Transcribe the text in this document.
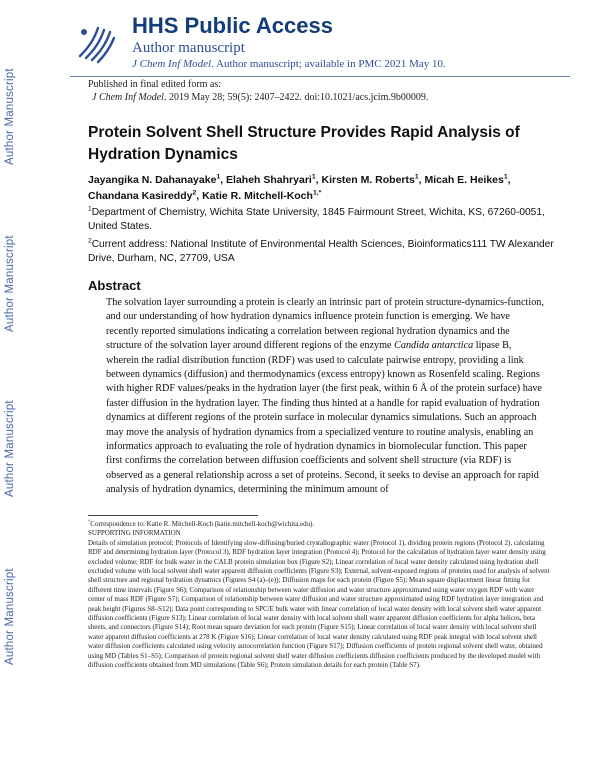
Author Manuscript
Author Manuscript
Author Manuscript
Author Manuscript
HHS Public Access
Author manuscript
J Chem Inf Model. Author manuscript; available in PMC 2021 May 10.
Published in final edited form as:
J Chem Inf Model. 2019 May 28; 59(5): 2407–2422. doi:10.1021/acs.jcim.9b00009.
Protein Solvent Shell Structure Provides Rapid Analysis of Hydration Dynamics
Jayangika N. Dahanayake$^1$, Elaheh Shahryari$^1$, Kirsten M. Roberts$^1$, Micah E. Heikes$^1$, Chandana Kasireddy$^2$, Katie R. Mitchell-Koch$^{1,*}$
$^1$Department of Chemistry, Wichita State University, 1845 Fairmount Street, Wichita, KS, 67260-0051, United States.
$^2$Current address: National Institute of Environmental Health Sciences, Bioinformatics111 TW Alexander Drive, Durham, NC, 27709, USA
Abstract
The solvation layer surrounding a protein is clearly an intrinsic part of protein structure-dynamics-function, and our understanding of how hydration dynamics influence protein function is emerging. We have recently reported simulations indicating a correlation between regional hydration dynamics and the structure of the solvation layer around different regions of the enzyme Candida antarctica lipase B, wherein the radial distribution function (RDF) was used to calculate pairwise entropy, providing a link between dynamics (diffusion) and thermodynamics (excess entropy) known as Rosenfeld scaling. Regions with higher RDF values/peaks in the hydration layer (the first peak, within 6 Å of the protein surface) have faster diffusion in the hydration layer. The finding thus hinted at a handle for rapid evaluation of hydration dynamics at different regions of the protein surface in molecular dynamics simulations. Such an approach may move the analysis of hydration dynamics from a specialized venture to routine analysis, enabling an informatics approach to evaluating the role of hydration dynamics in biomolecular function. This paper first confirms the correlation between diffusion coefficients and solvent shell structure (via RDF) is observed as a general relationship across a set of proteins. Second, it seeks to devise an approach for rapid analysis of hydration dynamics, determining the minimum amount of

*Correspondence to: Katie R. Mitchell-Koch (katie.mitchell-koch@wichita.edu).

SUPPORTING INFORMATION

Details of simulation protocol; Protocols of Identifying slow-diffusing/buried crystallographic water (Protocol 1), dividing protein regions (Protocol 2), calculating RDF and determining hydration layer (Protocol 3), RDF hydration layer integration (Protocol 4); Protocol for the calculation of hydration layer water density using excluded volume; RDF for bulk water in the CALB protein simulation box (Figure S2); Linear correlation of local water density calculated using hydration shell excluded volume with local solvent shell water apparent diffusion coefficients (Figure S3); External, solvent-exposed regions of proteins used for analysis of solvent shell structure and regional hydration dynamics (Figures S4 (a)–(e)); Diffusion maps for each protein (Figure S5); Mean square displacement linear fitting for different time intervals (Figure S6); Comparison of relationship between water diffusion and water structure approximated using water oxygen RDF with water center of mass RDF (Figure S7); Comparison of relationship between water diffusion and water structure approximated using RDF hydration layer integration and peak height (Figures S8–S12); Data point corresponding to SPC/E bulk water with linear correlation of local water density with local solvent shell water apparent diffusion coefficients (Figure S13); Linear correlation of local water density with local solvent shell water apparent diffusion coefficients for alpha helices, beta sheets, and connectors (Figure S14); Root mean square deviation for each protein (Figure S15); Linear correlation of local water density with local solvent shell water apparent diffusion coefficients at 278 K (Figure S16); Linear correlation of local water density calculated using RDF peak integral with local solvent shell water diffusion coefficients calculated using velocity autocorrelation function (Figure S17); Diffusion coefficients of protein regional solvent shell water, obtained using MD (Tables S1–S5); Comparison of protein regional solvent shell water diffusion coefficients diffusion coefficients produced by the developed model with diffusion coefficients obtained from MD simulations (Table S6); Protein simulation details for each protein (Table S7).
